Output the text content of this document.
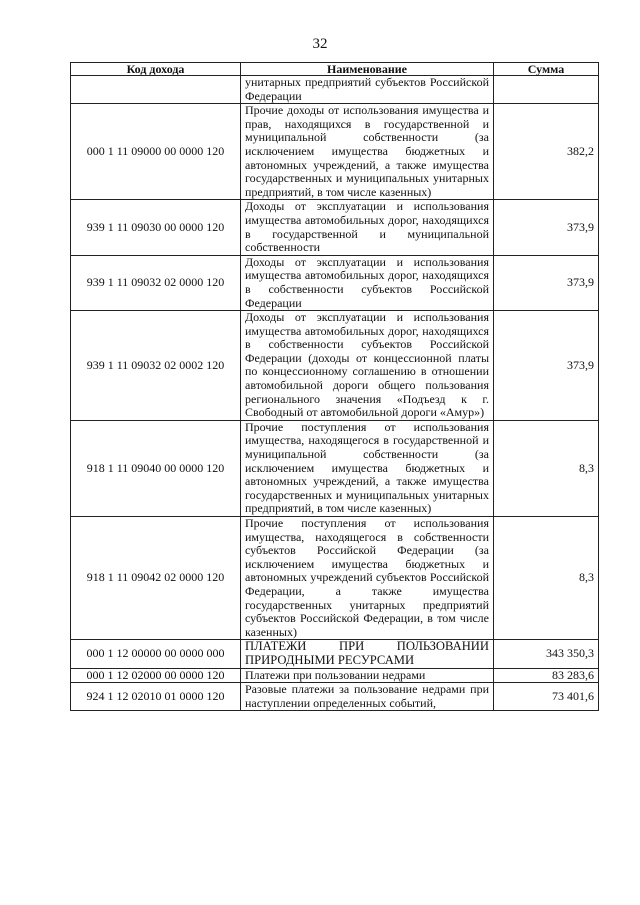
32
Код дохода	Наименование	Сумма
	унитарных предприятий субъектов Российской Федерации	
000 1 11 09000 00 0000 120	Прочие доходы от использования имущества и прав, находящихся в государственной и муниципальной собственности (за исключением имущества бюджетных и автономных учреждений, а также имущества государственных и муниципальных унитарных предприятий, в том числе казенных)	382,2
939 1 11 09030 00 0000 120	Доходы от эксплуатации и использования имущества автомобильных дорог, находящихся в государственной и муниципальной собственности	373,9
939 1 11 09032 02 0000 120	Доходы от эксплуатации и использования имущества автомобильных дорог, находящихся в собственности субъектов Российской Федерации	373,9
939 1 11 09032 02 0002 120	Доходы от эксплуатации и использования имущества автомобильных дорог, находящихся в собственности субъектов Российской Федерации (доходы от концессионной платы по концессионному соглашению в отношении автомобильной дороги общего пользования регионального значения «Подъезд к г. Свободный от автомобильной дороги «Амур»)	373,9
918 1 11 09040 00 0000 120	Прочие поступления от использования имущества, находящегося в государственной и муниципальной собственности (за исключением имущества бюджетных и автономных учреждений, а также имущества государственных и муниципальных унитарных предприятий, в том числе казенных)	8,3
918 1 11 09042 02 0000 120	Прочие поступления от использования имущества, находящегося в собственности субъектов Российской Федерации (за исключением имущества бюджетных и автономных учреждений субъектов Российской Федерации, а также имущества государственных унитарных предприятий субъектов Российской Федерации, в том числе казенных)	8,3
000 1 12 00000 00 0000 000	ПЛАТЕЖИ ПРИ ПОЛЬЗОВАНИИ ПРИРОДНЫМИ РЕСУРСАМИ	343 350,3
000 1 12 02000 00 0000 120	Платежи при пользовании недрами	83 283,6
924 1 12 02010 01 0000 120	Разовые платежи за пользование недрами при наступлении определенных событий,	73 401,6
